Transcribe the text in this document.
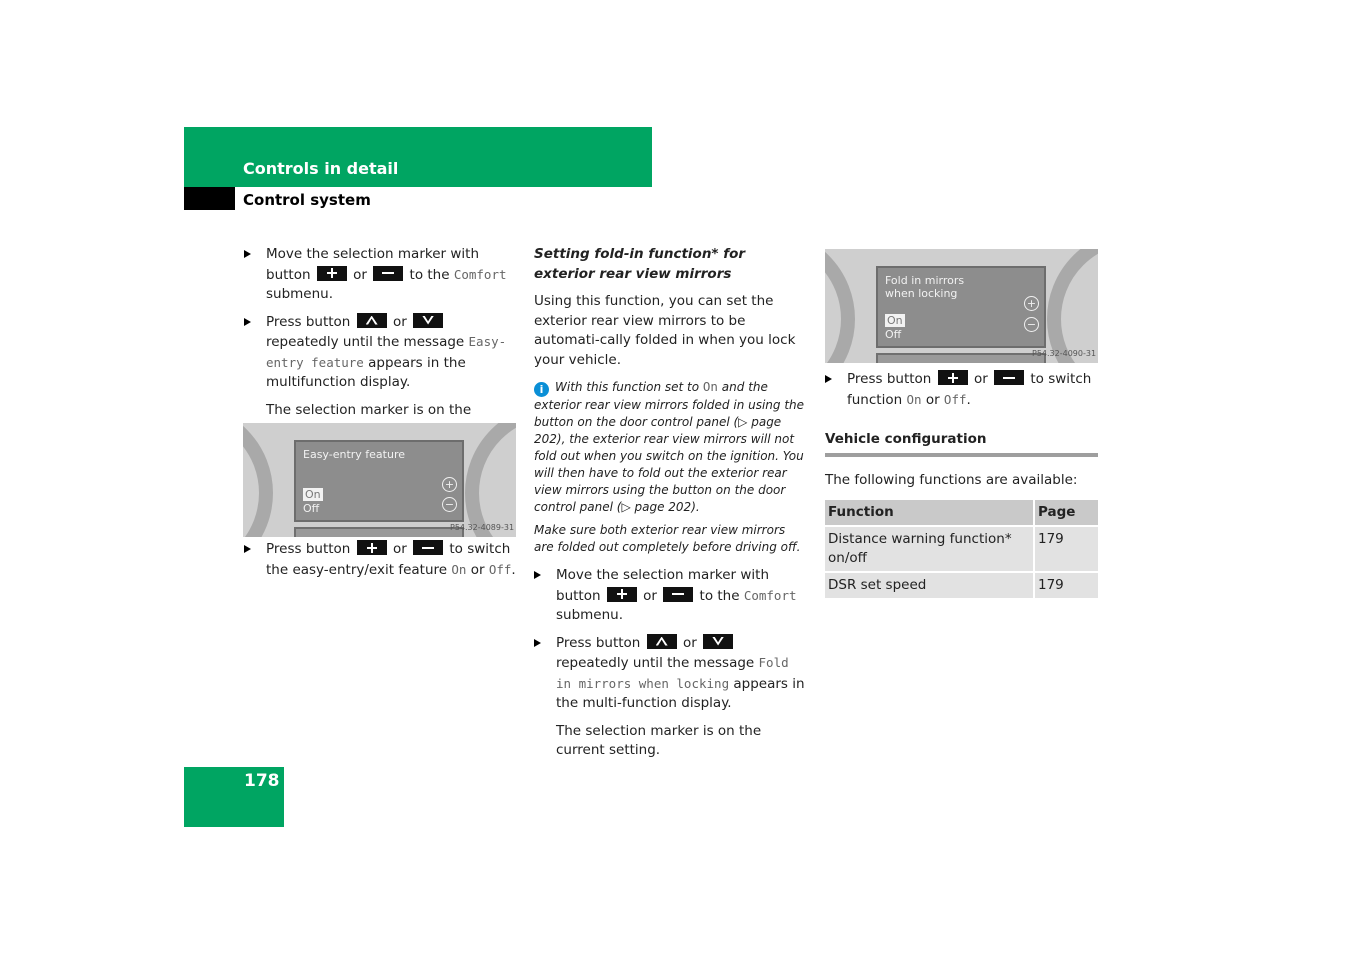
Controls in detail
Control system
Move the selection marker with button	or	to the Comfort submenu.
Press button	or  repeatedly until the message Easy-entry feature appears in the multifunction display.

The selection marker is on the

Easy-entry feature
On
Off
+
−
P54.32-4089-31
Press button	or	to switch the easy-entry/exit feature On or Off.

Setting fold-in function* for exterior rear view mirrors

Using this function, you can set the exterior rear view mirrors to be automati-cally folded in when you lock your vehicle.

i With this function set to On and the exterior rear view mirrors folded in using the button on the door control panel (▷ page 202), the exterior rear view mirrors will not fold out when you switch on the ignition. You will then have to fold out the exterior rear view mirrors using the button on the door control panel (▷ page 202).

Make sure both exterior rear view mirrors are folded out completely before driving off.

Move the selection marker with button	or	to the Comfort submenu.
Press button	or  repeatedly until the message Fold in mirrors when locking appears in the multi-function display.

The selection marker is on the current setting.

Fold in mirrors
when locking
On
Off
+
−
P54.32-4090-31
Press button	or	to switch function On or Off.
Vehicle configuration

The following functions are available:

Function	Page
Distance warning function* on/off	179
DSR set speed	179
178
